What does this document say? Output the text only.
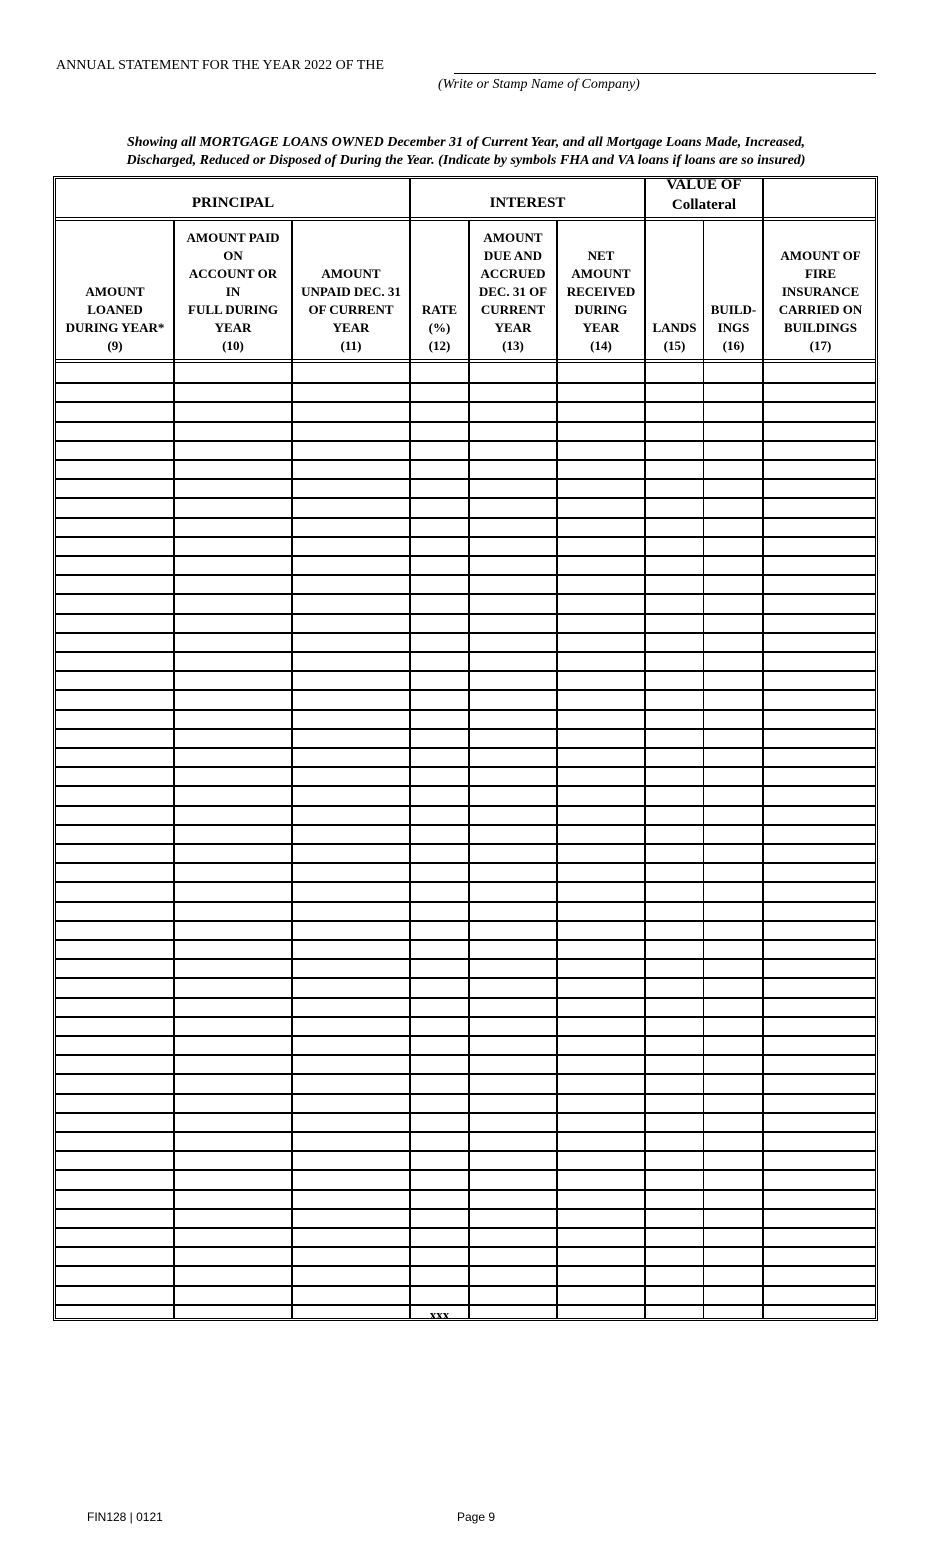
ANNUAL STATEMENT FOR THE YEAR 2022 OF THE
(Write or Stamp Name of Company)
Showing all MORTGAGE LOANS OWNED December 31 of Current Year, and all Mortgage Loans Made, Increased,
Discharged, Reduced or Disposed of During the Year. (Indicate by symbols FHA and VA loans if loans are so insured)
PRINCIPAL	INTEREST
VALUE OF
Collateral
AMOUNT
LOANED
DURING YEAR*
(9)
AMOUNT PAID
ON
ACCOUNT OR
IN
FULL DURING
YEAR
(10)
AMOUNT
UNPAID DEC. 31
OF CURRENT
YEAR
(11)
RATE
(%)
(12)
AMOUNT
DUE AND
ACCRUED
DEC. 31 OF
CURRENT
YEAR
(13)
NET
AMOUNT
RECEIVED
DURING
YEAR
(14)
LANDS
(15)
BUILD-
INGS
(16)
AMOUNT OF
FIRE
INSURANCE
CARRIED ON
BUILDINGS
(17)
xxx
FIN128 | 0121	Page 9
